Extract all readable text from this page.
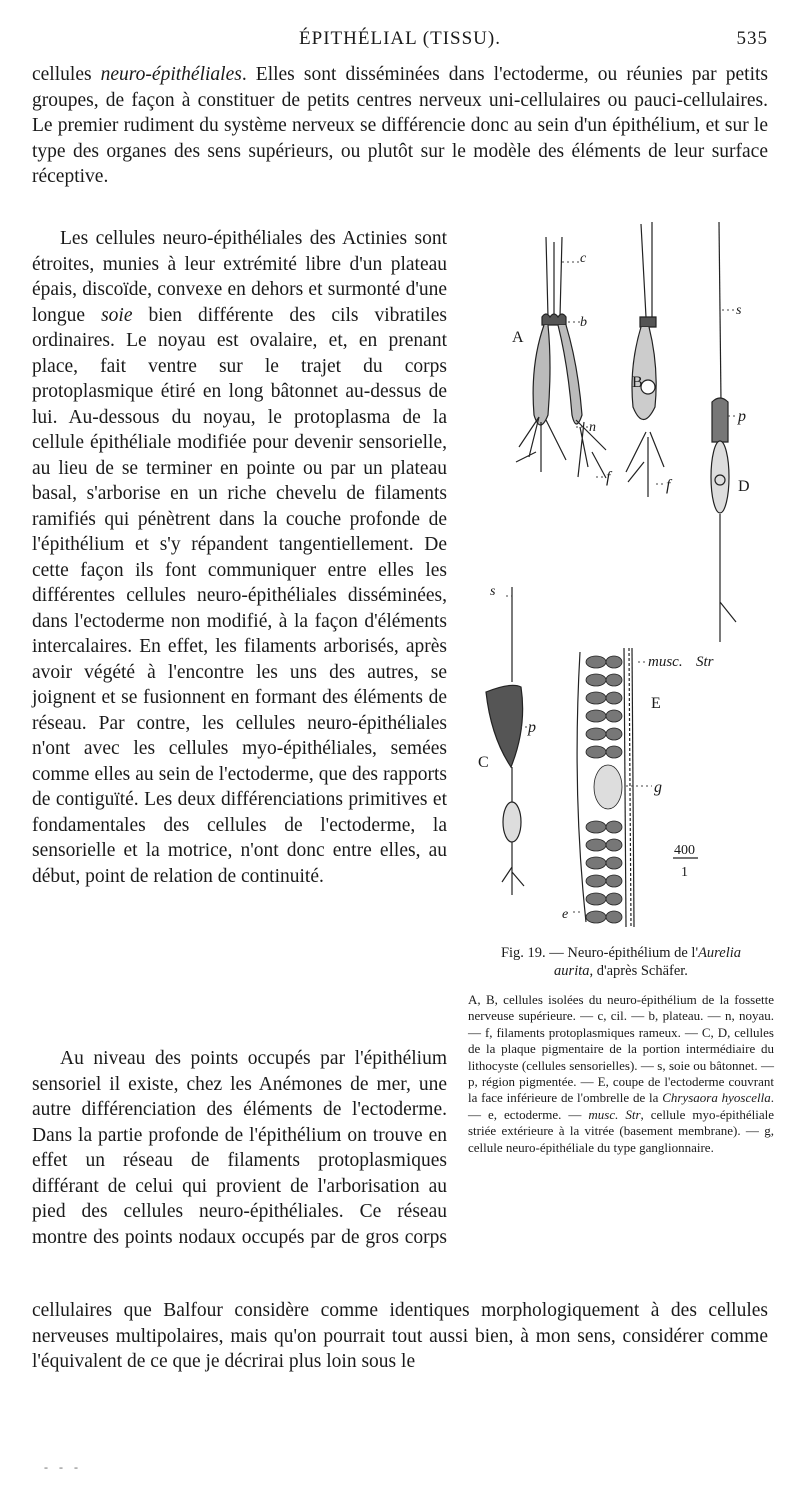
ÉPITHÉLIAL (TISSU).	535

cellules neuro-épithéliales. Elles sont disséminées dans l'ectoderme, ou réunies par petits groupes, de façon à constituer de petits centres nerveux uni-cellulaires ou pauci-cellulaires. Le premier rudiment du système nerveux se différencie donc au sein d'un épithélium, et sur le type des organes des sens supérieurs, ou plutôt sur le modèle des éléments de leur surface réceptive.

Les cellules neuro-épithéliales des Actinies sont étroites, munies à leur extrémité libre d'un plateau épais, discoïde, convexe en dehors et surmonté d'une longue soie bien différente des cils vibratiles ordinaires. Le noyau est ovalaire, et, en prenant place, fait ventre sur le trajet du corps protoplasmique étiré en long bâtonnet au-dessus de lui. Au-dessous du noyau, le protoplasma de la cellule épithéliale modifiée pour devenir sensorielle, au lieu de se terminer en pointe ou par un plateau basal, s'arborise en un riche chevelu de filaments ramifiés qui pénètrent dans la couche profonde de l'épithélium et s'y répandent tangentiellement. De cette façon ils font communiquer entre elles les différentes cellules neuro-épithéliales disséminées, dans l'ectoderme non modifié, à la façon d'éléments intercalaires. En effet, les filaments arborisés, après avoir végété à l'encontre les uns des autres, se joignent et se fusionnent en formant des éléments de réseau. Par contre, les cellules neuro-épithéliales n'ont avec les cellules myo-épithéliales, semées comme elles au sein de l'ectoderme, que des rapports de contiguïté. Les deux différenciations primitives et fondamentales des cellules de l'ectoderme, la sensorielle et la motrice, n'ont donc entre elles, au début, point de relation de continuité.

Au niveau des points occupés par l'épithélium sensoriel il existe, chez les Anémones de mer, une autre différenciation des éléments de l'ectoderme. Dans la partie profonde de l'épithélium on trouve en effet un réseau de filaments protoplasmiques différant de celui qui provient de l'arborisation au pied des cellules neuro-épithéliales. Ce réseau montre des points nodaux occupés par de gros corps

cellulaires que Balfour considère comme identiques morphologiquement à des cellules nerveuses multipolaires, mais qu'on pourrait tout aussi bien, à mon sens, considérer comme l'équivalent de ce que je décrirai plus loin sous le

A
c
b
n
f
B
f
s
p
D
s
p
C
musc. Str
E
g
400
1
e
Fig. 19. — Neuro-épithélium de l'Aurelia
aurita, d'après Schäfer.
A, B, cellules isolées du neuro-épithélium de la fossette nerveuse supérieure. — c, cil. — b, plateau. — n, noyau. — f, filaments protoplasmiques rameux. — C, D, cellules de la plaque pigmentaire de la portion intermédiaire du lithocyste (cellules sensorielles). — s, soie ou bâtonnet. — p, région pigmentée. — E, coupe de l'ectoderme couvrant la face inférieure de l'ombrelle de la Chrysaora hyoscella. — e, ectoderme. — musc. Str, cellule myo-épithéliale striée extérieure à la vitrée (basement membrane). — g, cellule neuro-épithéliale du type ganglionnaire.
- - -
